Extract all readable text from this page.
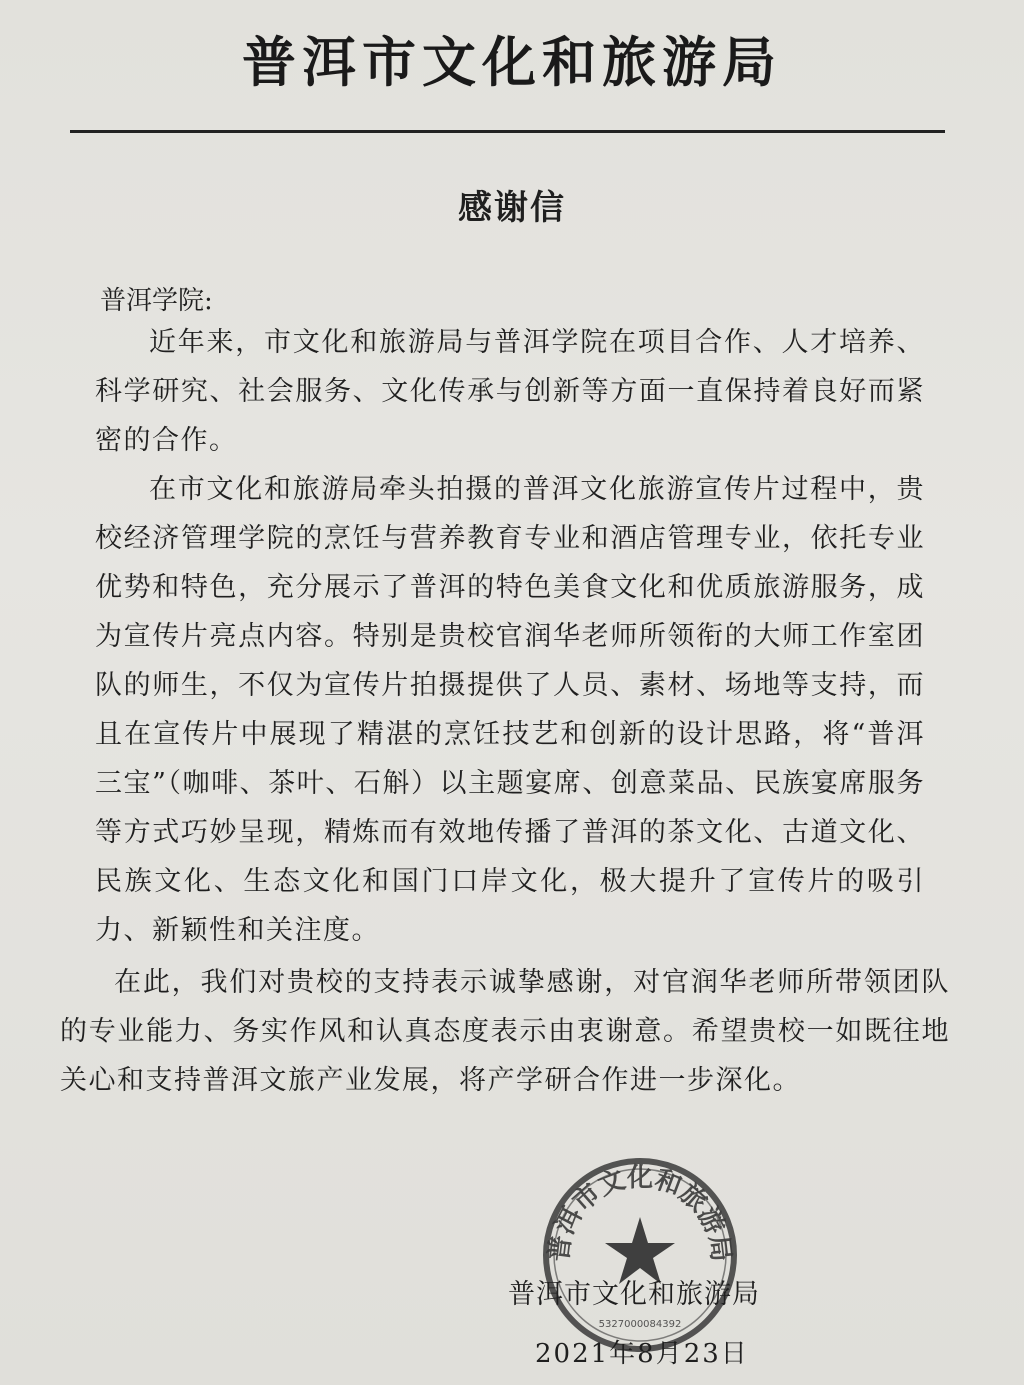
普洱市文化和旅游局
感谢信
普洱学院:

近年来，市文化和旅游局与普洱学院在项目合作、人才培养、科学研究、社会服务、文化传承与创新等方面一直保持着良好而紧密的合作。

在市文化和旅游局牵头拍摄的普洱文化旅游宣传片过程中，贵校经济管理学院的烹饪与营养教育专业和酒店管理专业，依托专业优势和特色，充分展示了普洱的特色美食文化和优质旅游服务，成为宣传片亮点内容。特别是贵校官润华老师所领衔的大师工作室团队的师生，不仅为宣传片拍摄提供了人员、素材、场地等支持，而且在宣传片中展现了精湛的烹饪技艺和创新的设计思路，将“普洱三宝”（咖啡、茶叶、石斛）以主题宴席、创意菜品、民族宴席服务等方式巧妙呈现，精炼而有效地传播了普洱的茶文化、古道文化、民族文化、生态文化和国门口岸文化，极大提升了宣传片的吸引力、新颖性和关注度。

在此，我们对贵校的支持表示诚挚感谢，对官润华老师所带领团队的专业能力、务实作风和认真态度表示由衷谢意。希望贵校一如既往地关心和支持普洱文旅产业发展，将产学研合作进一步深化。

普洱市文化和旅游局
5327000084392
普洱市文化和旅游局
2021年8月23日
